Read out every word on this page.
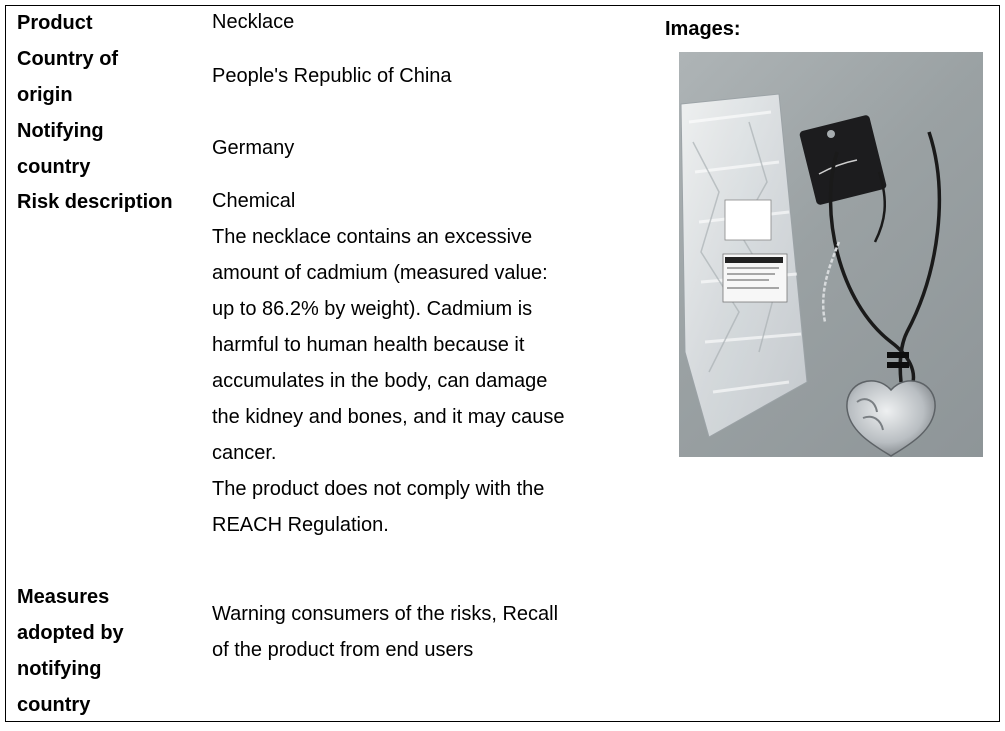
Product	Necklace
Country of
origin
People's Republic of China
Notifying
country
Germany
Risk description Chemical

The necklace contains an excessive

amount of cadmium (measured value:

up to 86.2% by weight). Cadmium is

harmful to human health because it

accumulates in the body, can damage

the kidney and bones, and it may cause

cancer.

The product does not comply with the

REACH Regulation.

Measures
adopted by
notifying
country

Warning consumers of the risks, Recall

of the product from end users

Images:
